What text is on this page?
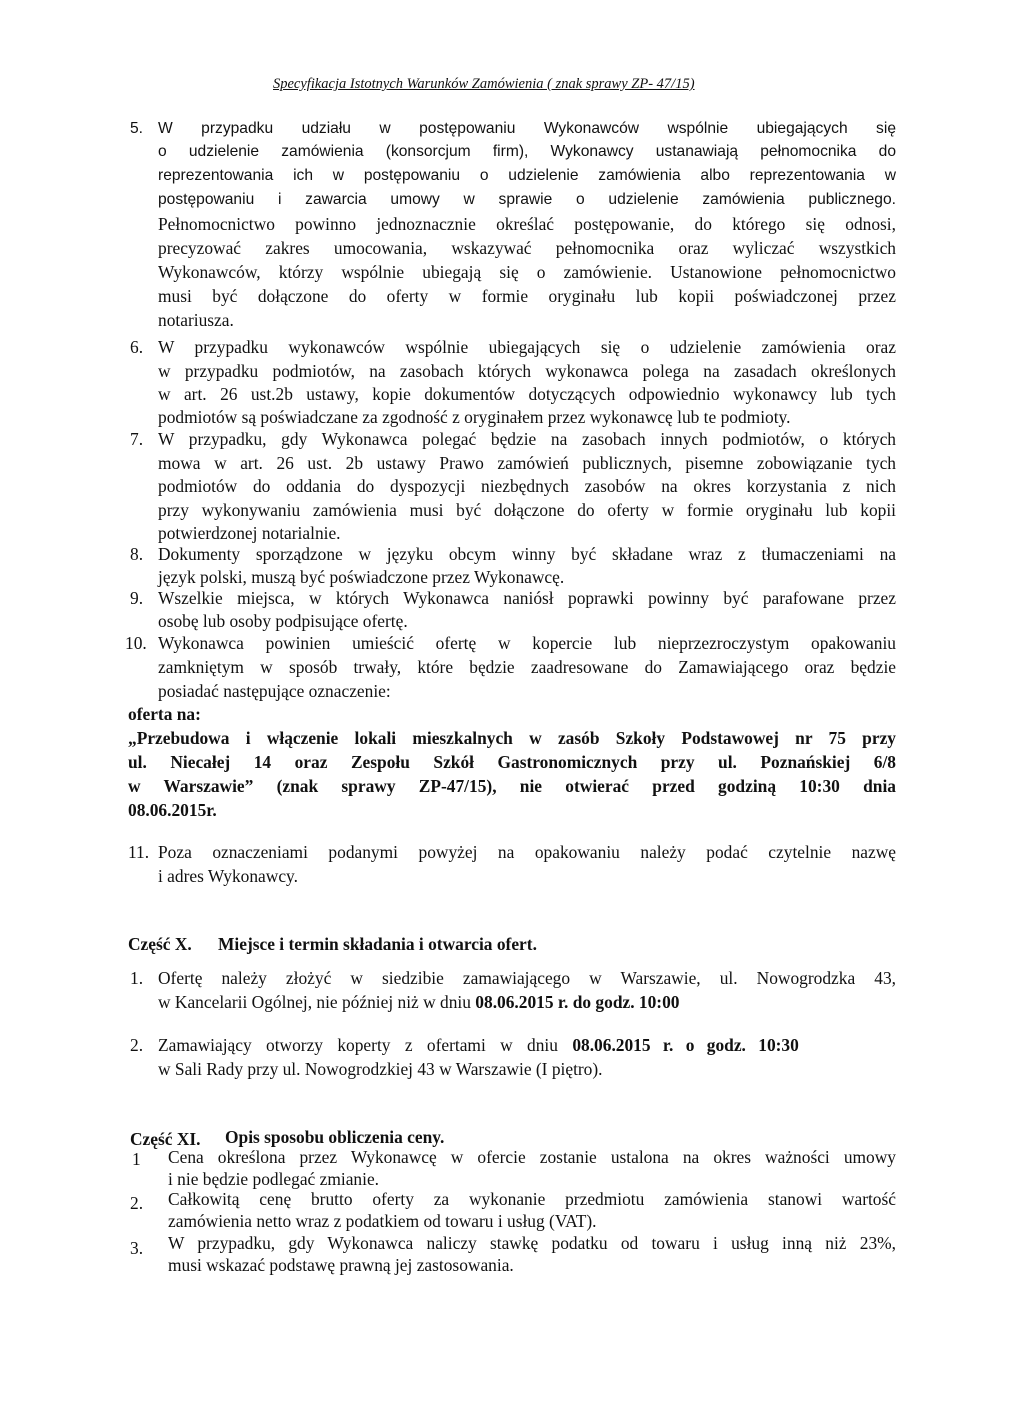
Specyfikacja Istotnych Warunków Zamówienia ( znak sprawy ZP- 47/15)
5. W przypadku udziału w postępowaniu Wykonawców wspólnie ubiegających się
o udzielenie zamówienia (konsorcjum firm), Wykonawcy ustanawiają pełnomocnika do
reprezentowania ich w postępowaniu o udzielenie zamówienia albo reprezentowania w
postępowaniu i zawarcia umowy w sprawie o udzielenie zamówienia publicznego.
Pełnomocnictwo powinno jednoznacznie określać postępowanie, do którego się odnosi,
precyzować zakres umocowania, wskazywać pełnomocnika oraz wyliczać wszystkich
Wykonawców, którzy wspólnie ubiegają się o zamówienie. Ustanowione pełnomocnictwo
musi być dołączone do oferty w formie oryginału lub kopii poświadczonej przez
notariusza.
6. W przypadku wykonawców wspólnie ubiegających się o udzielenie zamówienia oraz
w przypadku podmiotów, na zasobach których wykonawca polega na zasadach określonych
w art. 26 ust.2b ustawy, kopie dokumentów dotyczących odpowiednio wykonawcy lub tych
podmiotów są poświadczane za zgodność z oryginałem przez wykonawcę lub te podmioty.
7. W przypadku, gdy Wykonawca polegać będzie na zasobach innych podmiotów, o których
mowa w art. 26 ust. 2b ustawy Prawo zamówień publicznych, pisemne zobowiązanie tych
podmiotów do oddania do dyspozycji niezbędnych zasobów na okres korzystania z nich
przy wykonywaniu zamówienia musi być dołączone do oferty w formie oryginału lub kopii
potwierdzonej notarialnie.
8. Dokumenty sporządzone w języku obcym winny być składane wraz z tłumaczeniami na
język polski, muszą być poświadczone przez Wykonawcę.
9. Wszelkie miejsca, w których Wykonawca naniósł poprawki powinny być parafowane przez
osobę lub osoby podpisujące ofertę.
10. Wykonawca powinien umieścić ofertę w kopercie lub nieprzezroczystym opakowaniu
zamkniętym w sposób trwały, które będzie zaadresowane do Zamawiającego oraz będzie
posiadać następujące oznaczenie:
oferta na:
„Przebudowa i włączenie lokali mieszkalnych w zasób Szkoły Podstawowej nr 75 przy
ul. Niecałej 14 oraz Zespołu Szkół Gastronomicznych przy ul. Poznańskiej 6/8
w Warszawie” (znak sprawy ZP-47/15), nie otwierać przed godziną 10:30 dnia
08.06.2015r.
11. Poza oznaczeniami podanymi powyżej na opakowaniu należy podać czytelnie nazwę
i adres Wykonawcy.
Część X. Miejsce i termin składania i otwarcia ofert.
1. Ofertę należy złożyć w siedzibie zamawiającego w Warszawie, ul. Nowogrodzka 43,
w Kancelarii Ogólnej, nie później niż w dniu 08.06.2015 r. do godz. 10:00
2. Zamawiający otworzy koperty z ofertami w dniu 08.06.2015 r. o godz. 10:30
w Sali Rady przy ul. Nowogrodzkiej 43 w Warszawie (I piętro).
Część XI. Opis sposobu obliczenia ceny.
1 Cena określona przez Wykonawcę w ofercie zostanie ustalona na okres ważności umowy
i nie będzie podlegać zmianie.
2. Całkowitą cenę brutto oferty za wykonanie przedmiotu zamówienia stanowi wartość
zamówienia netto wraz z podatkiem od towaru i usług (VAT).
3. W przypadku, gdy Wykonawca naliczy stawkę podatku od towaru i usług inną niż 23%,
musi wskazać podstawę prawną jej zastosowania.
